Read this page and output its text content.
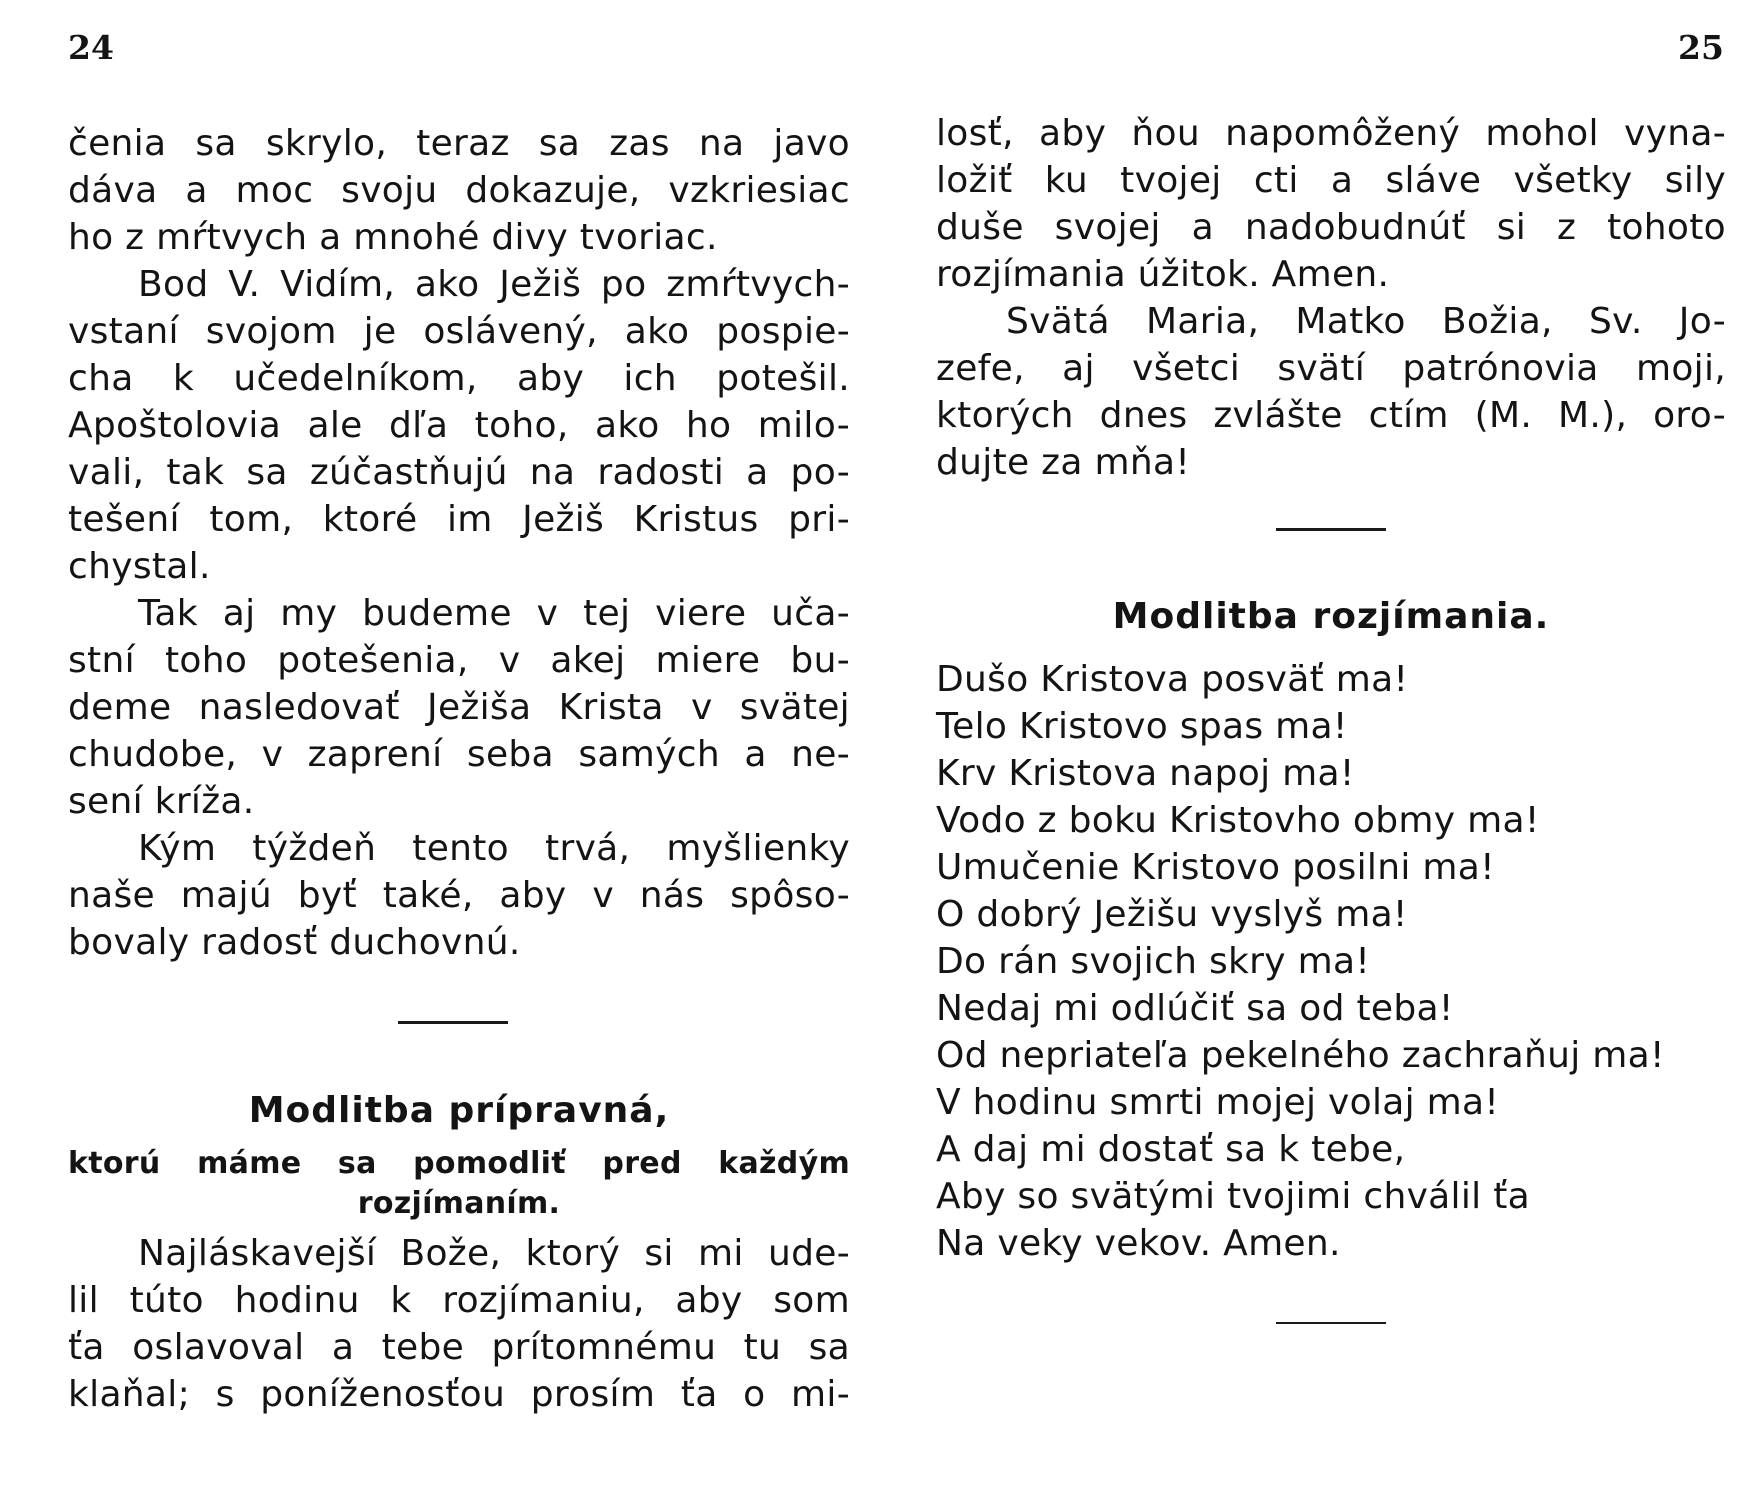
24
čenia sa skrylo, teraz sa zas na javo
dáva a moc svoju dokazuje, vzkriesiac
ho z mŕtvych a mnohé divy tvoriac.
Bod V. Vidím, ako Ježiš po zmŕtvych-
vstaní svojom je oslávený, ako pospie-
cha k učedelníkom, aby ich potešil.
Apoštolovia ale dľa toho, ako ho milo-
vali, tak sa zúčastňujú na radosti a po-
tešení tom, ktoré im Ježiš Kristus pri-
chystal.
Tak aj my budeme v tej viere uča-
stní toho potešenia, v akej miere bu-
deme nasledovať Ježiša Krista v svätej
chudobe, v zaprení seba samých a ne-
sení kríža.
Kým týždeň tento trvá, myšlienky
naše majú byť také, aby v nás spôso-
bovaly radosť duchovnú.
Modlitba prípravná,
ktorú máme sa pomodliť pred každým
rozjímaním.
Najláskavejší Bože, ktorý si mi ude-
lil túto hodinu k rozjímaniu, aby som
ťa oslavoval a tebe prítomnému tu sa
klaňal; s poníženosťou prosím ťa o mi-
25
losť, aby ňou napomôžený mohol vyna-
ložiť ku tvojej cti a sláve všetky sily
duše svojej a nadobudnúť si z tohoto
rozjímania úžitok. Amen.
Svätá Maria, Matko Božia, Sv. Jo-
zefe, aj všetci svätí patrónovia moji,
ktorých dnes zvlášte ctím (M. M.), oro-
dujte za mňa!
Modlitba rozjímania.
Dušo Kristova posväť ma!
Telo Kristovo spas ma!
Krv Kristova napoj ma!
Vodo z boku Kristovho obmy ma!
Umučenie Kristovo posilni ma!
O dobrý Ježišu vyslyš ma!
Do rán svojich skry ma!
Nedaj mi odlúčiť sa od teba!
Od nepriateľa pekelného zachraňuj ma!
V hodinu smrti mojej volaj ma!
A daj mi dostať sa k tebe,
Aby so svätými tvojimi chválil ťa
Na veky vekov. Amen.
